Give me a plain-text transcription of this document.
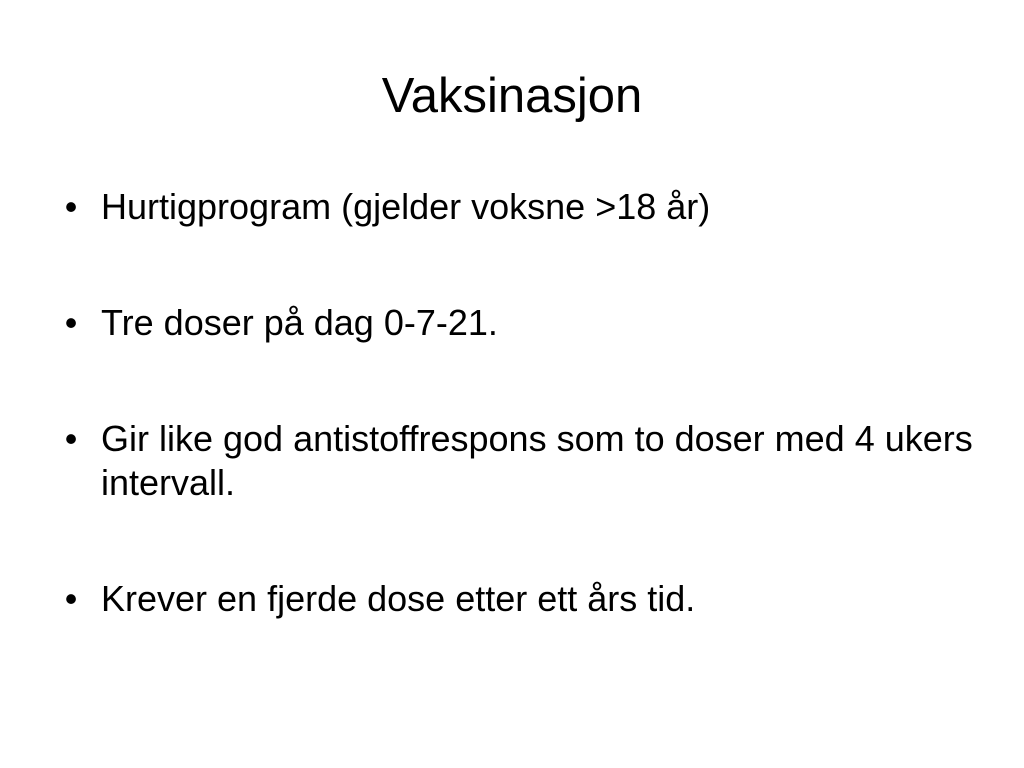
Vaksinasjon
• Hurtigprogram (gjelder voksne >18 år)
• Tre doser på dag 0-7-21.
• Gir like god antistoffrespons som to doser med 4 ukers intervall.
• Krever en fjerde dose etter ett års tid.
